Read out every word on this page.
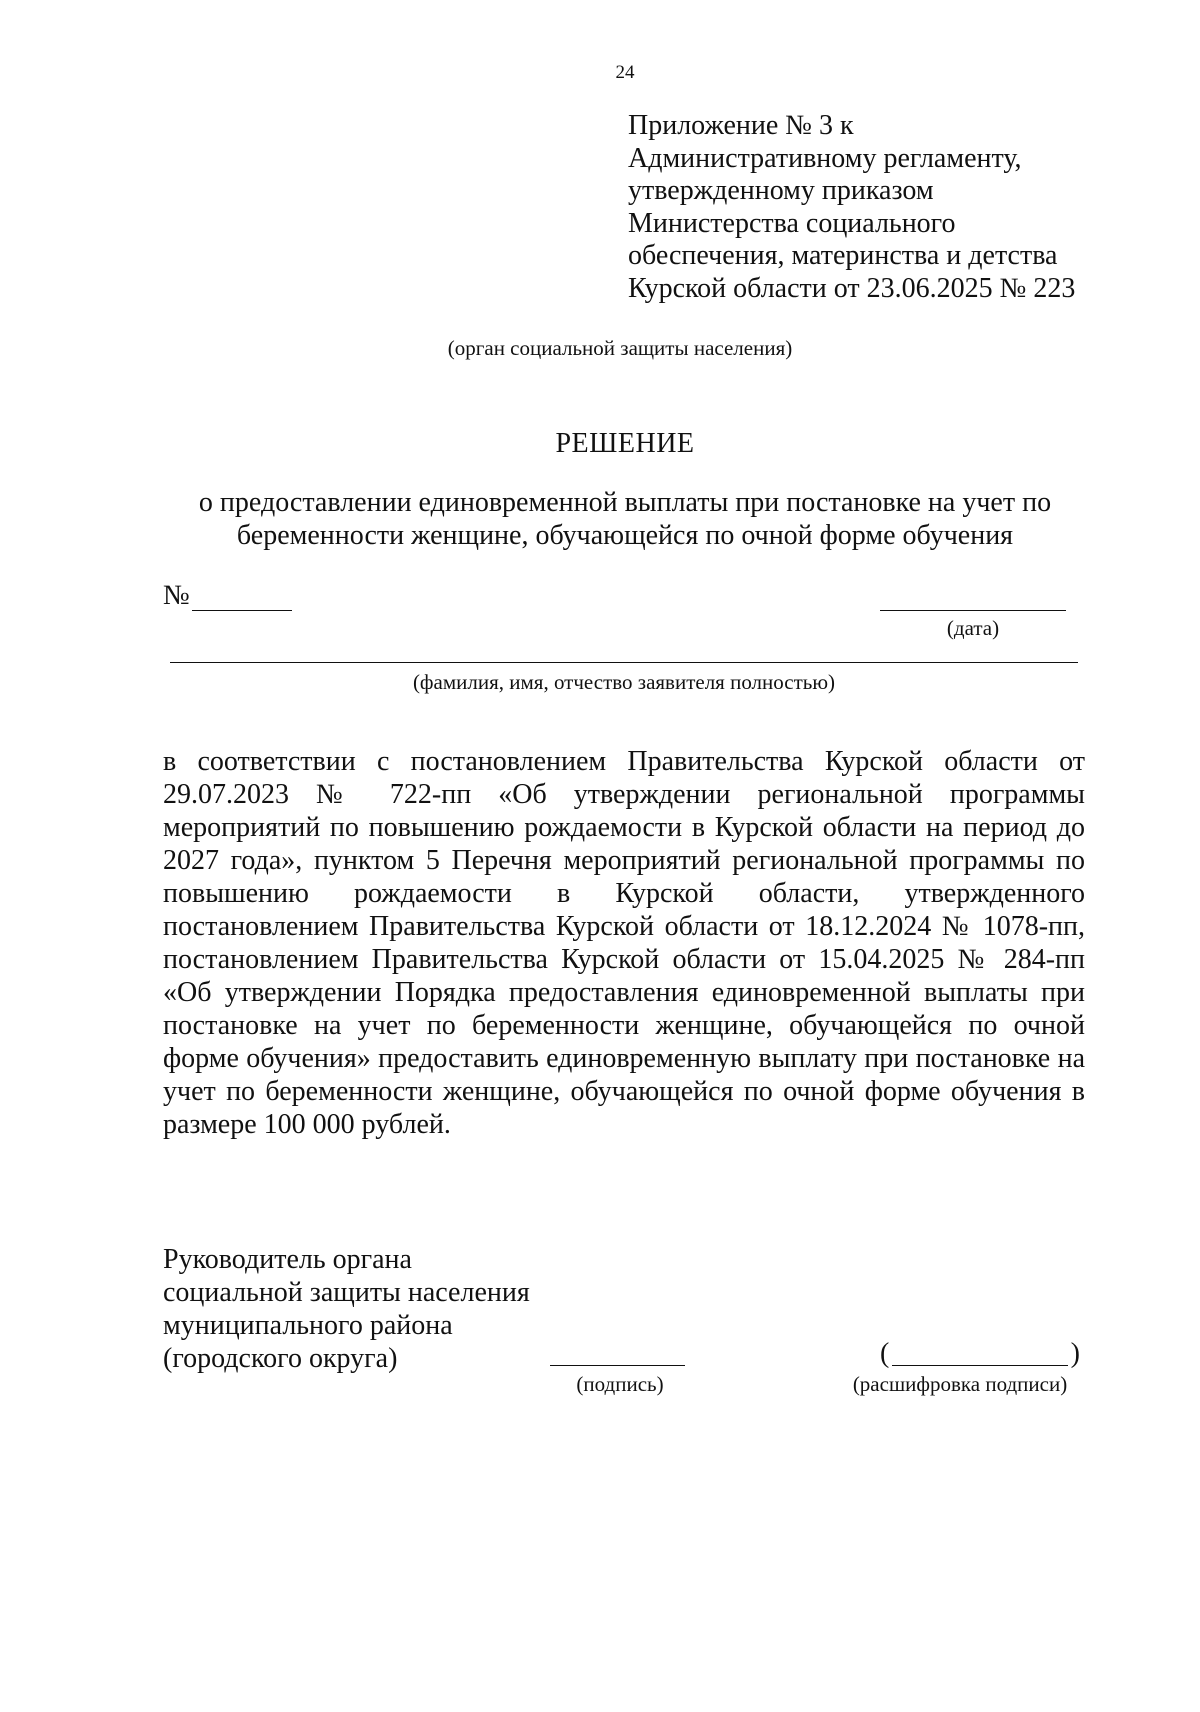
24
Приложение № 3 к
Административному регламенту,
утвержденному приказом
Министерства социального
обеспечения, материнства и детства
Курской области от 23.06.2025 № 223
(орган социальной защиты населения)
РЕШЕНИЕ
о предоставлении единовременной выплаты при постановке на учет по беременности женщине, обучающейся по очной форме обучения
№
(дата)
(фамилия, имя, отчество заявителя полностью)
в соответствии с постановлением Правительства Курской области от 29.07.2023 № 722-пп «Об утверждении региональной программы мероприятий по повышению рождаемости в Курской области на период до 2027 года», пунктом 5 Перечня мероприятий региональной программы по повышению рождаемости в Курской области, утвержденного постановлением Правительства Курской области от 18.12.2024 № 1078-пп, постановлением Правительства Курской области от 15.04.2025 № 284-пп «Об утверждении Порядка предоставления единовременной выплаты при постановке на учет по беременности женщине, обучающейся по очной форме обучения» предоставить единовременную выплату при постановке на учет по беременности женщине, обучающейся по очной форме обучения в размере 100 000 рублей.
Руководитель органа
социальной защиты населения
муниципального района
(городского округа)
(подпись)
(	)
(расшифровка подписи)
